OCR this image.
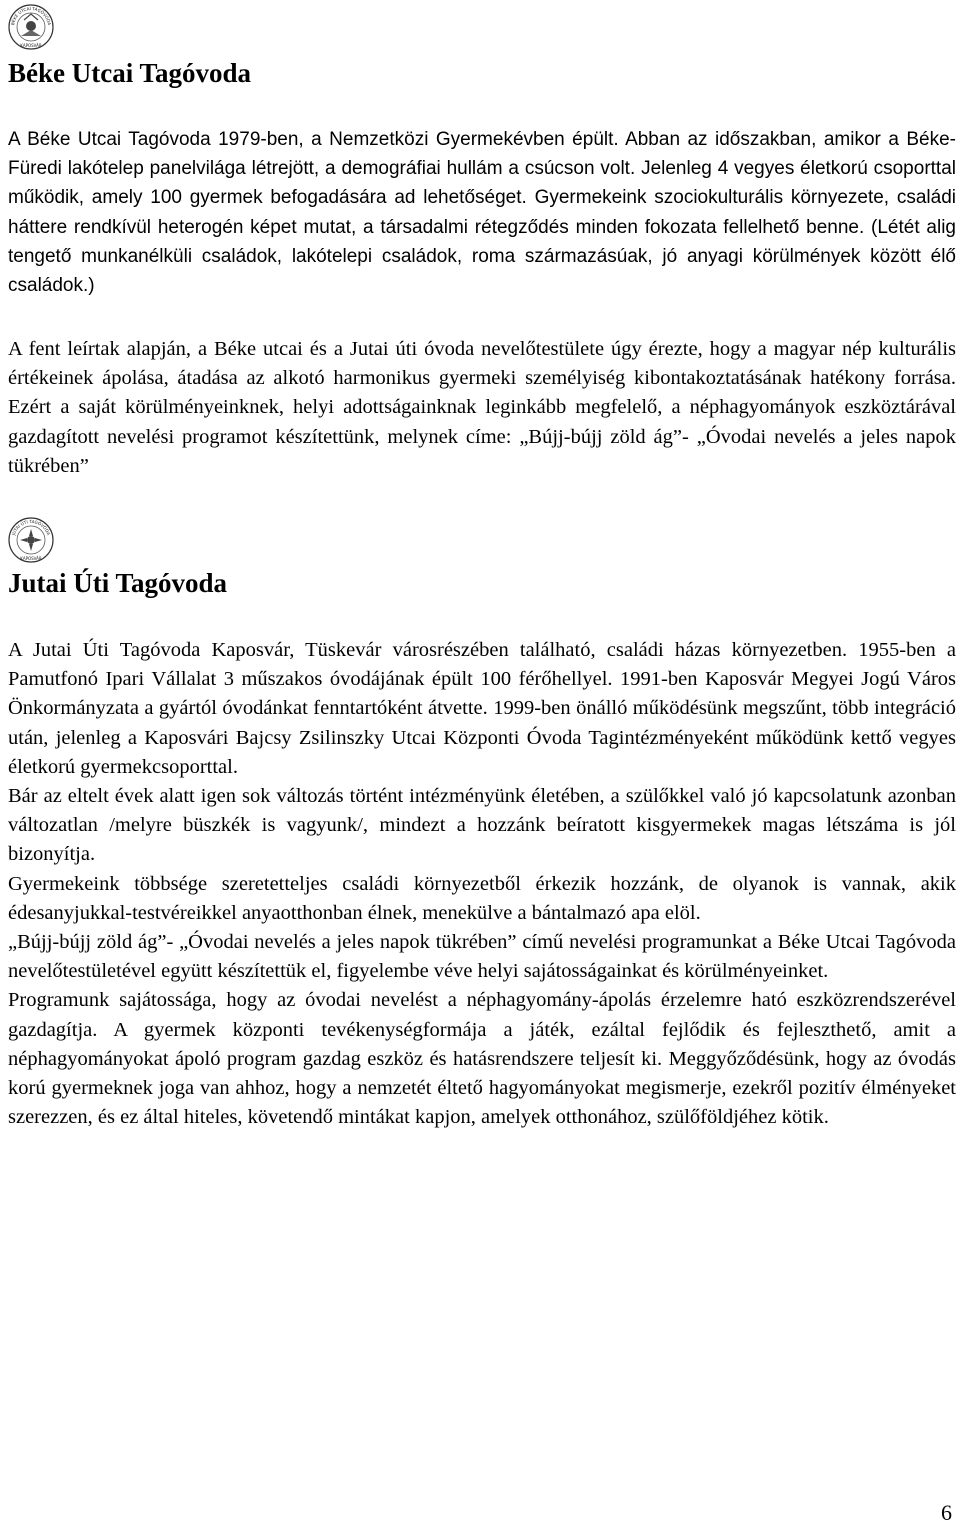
BÉKE UTCAI TAGÓVODA
KAPOSVÁR
Béke Utcai Tagóvoda

A Béke Utcai Tagóvoda 1979-ben, a Nemzetközi Gyermekévben épült. Abban az időszakban, amikor a Béke-Füredi lakótelep panelvilága létrejött, a demográfiai hullám a csúcson volt. Jelenleg 4 vegyes életkorú csoporttal működik, amely 100 gyermek befogadására ad lehetőséget. Gyermekeink szociokulturális környezete, családi háttere rendkívül heterogén képet mutat, a társadalmi rétegződés minden fokozata fellelhető benne. (Létét alig tengető munkanélküli családok, lakótelepi családok, roma származásúak, jó anyagi körülmények között élő családok.)

A fent leírtak alapján, a Béke utcai és a Jutai úti óvoda nevelőtestülete úgy érezte, hogy a magyar nép kulturális értékeinek ápolása, átadása az alkotó harmonikus gyermeki személyiség kibontakoztatásának hatékony forrása. Ezért a saját körülményeinknek, helyi adottságainknak leginkább megfelelő, a néphagyományok eszköztárával gazdagított nevelési programot készítettünk, melynek címe: „Bújj-bújj zöld ág”- „Óvodai nevelés a jeles napok tükrében”

JUTAI ÚTI TAGÓVODA
KAPOSVÁR
Jutai Úti Tagóvoda

A Jutai Úti Tagóvoda Kaposvár, Tüskevár városrészében található, családi házas környezetben. 1955-ben a Pamutfonó Ipari Vállalat 3 műszakos óvodájának épült 100 férőhellyel. 1991-ben Kaposvár Megyei Jogú Város Önkormányzata a gyártól óvodánkat fenntartóként átvette. 1999-ben önálló működésünk megszűnt, több integráció után, jelenleg a Kaposvári Bajcsy Zsilinszky Utcai Központi Óvoda Tagintézményeként működünk kettő vegyes életkorú gyermekcsoporttal.

Bár az eltelt évek alatt igen sok változás történt intézményünk életében, a szülőkkel való jó kapcsolatunk azonban változatlan /melyre büszkék is vagyunk/, mindezt a hozzánk beíratott kisgyermekek magas létszáma is jól bizonyítja.

Gyermekeink többsége szeretetteljes családi környezetből érkezik hozzánk, de olyanok is vannak, akik édesanyjukkal-testvéreikkel anyaotthonban élnek, menekülve a bántalmazó apa elöl.

„Bújj-bújj zöld ág”- „Óvodai nevelés a jeles napok tükrében” című nevelési programunkat a Béke Utcai Tagóvoda nevelőtestületével együtt készítettük el, figyelembe véve helyi sajátosságainkat és körülményeinket.

Programunk sajátossága, hogy az óvodai nevelést a néphagyomány-ápolás érzelemre ható eszközrendszerével gazdagítja. A gyermek központi tevékenységformája a játék, ezáltal fejlődik és fejleszthető, amit a néphagyományokat ápoló program gazdag eszköz és hatásrendszere teljesít ki. Meggyőződésünk, hogy az óvodás korú gyermeknek joga van ahhoz, hogy a nemzetét éltető hagyományokat megismerje, ezekről pozitív élményeket szerezzen, és ez által hiteles, követendő mintákat kapjon, amelyek otthonához, szülőföldjéhez kötik.

6
